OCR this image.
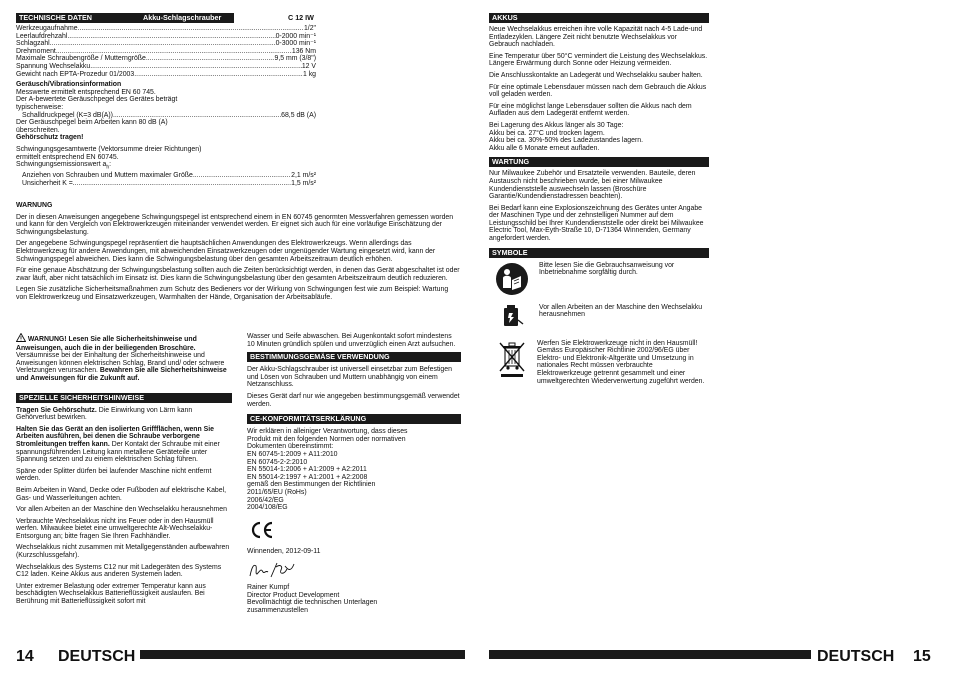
TECHNISCHE DATEN	Akku-Schlagschrauber	C 12 IW
Werkzeugaufnahme .....	1/2"
Leerlaufdrehzahl .....	0-2000 min⁻¹
Schlagzahl .....	0-3000 min⁻¹
Drehmoment .....	136 Nm
Maximale Schraubengröße / Mutterngröße .....	9,5 mm (3/8")
Spannung Wechselakku .....	12 V
Gewicht nach EPTA-Prozedur 01/2003 .....	1 kg
Geräusch/Vibrationsinformation
Messwerte ermittelt entsprechend EN 60 745.
Der A-bewertete Geräuschpegel des Gerätes beträgt
typischerweise:
Schalldruckpegel (K=3 dB(A)) .....	68,5 dB (A)
Der Geräuschpegel beim Arbeiten kann 80 dB (A)
überschreiten.
Gehörschutz tragen!
Schwingungsgesamtwerte (Vektorsumme dreier Richtungen)
ermittelt entsprechend EN 60745.
Schwingungsemissionswert $a_h$:
Anziehen von Schrauben und Muttern maximaler Größe .....	2,1 m/s²
Unsicherheit K = .....	1,5 m/s²
WARNUNG

Der in diesen Anweisungen angegebene Schwingungspegel ist entsprechend einem in EN 60745 genormten Messverfahren gemessen worden und kann für den Vergleich von Elektrowerkzeugen miteinander verwendet werden. Er eignet sich auch für eine vorläufige Einschätzung der Schwingungsbelastung.

Der angegebene Schwingungspegel repräsentiert die hauptsächlichen Anwendungen des Elektrowerkzeugs. Wenn allerdings das Elektrowerkzeug für andere Anwendungen, mit abweichenden Einsatzwerkzeugen oder ungenügender Wartung eingesetzt wird, kann der Schwingungspegel abweichen. Dies kann die Schwingungsbelastung über den gesamten Arbeitszeitraum deutlich erhöhen.

Für eine genaue Abschätzung der Schwingungsbelastung sollten auch die Zeiten berücksichtigt werden, in denen das Gerät abgeschaltet ist oder zwar läuft, aber nicht tatsächlich im Einsatz ist. Dies kann die Schwingungsbelastung über den gesamten Arbeitszeitraum deutlich reduzieren.

Legen Sie zusätzliche Sicherheitsmaßnahmen zum Schutz des Bedieners vor der Wirkung von Schwingungen fest wie zum Beispiel: Wartung von Elektrowerkzeug und Einsatzwerkzeugen, Warmhalten der Hände, Organisation der Arbeitsabläufe.

WARNUNG! Lesen Sie alle Sicherheitshinweise und Anweisungen, auch die in der beiliegenden Broschüre. Versäumnisse bei der Einhaltung der Sicherheitshinweise und Anweisungen können elektrischen Schlag, Brand und/ oder schwere Verletzungen verursachen. Bewahren Sie alle Sicherheitshinweise und Anweisungen für die Zukunft auf.
SPEZIELLE SICHERHEITSHINWEISE

Tragen Sie Gehörschutz. Die Einwirkung von Lärm kann Gehörverlust bewirken.

Halten Sie das Gerät an den isolierten Griffflächen, wenn Sie Arbeiten ausführen, bei denen die Schraube verborgene Stromleitungen treffen kann. Der Kontakt der Schraube mit einer spannungsführenden Leitung kann metallene Geräteteile unter Spannung setzen und zu einem elektrischen Schlag führen.

Späne oder Splitter dürfen bei laufender Maschine nicht entfernt werden.

Beim Arbeiten in Wand, Decke oder Fußboden auf elektrische Kabel, Gas- und Wasserleitungen achten.

Vor allen Arbeiten an der Maschine den Wechselakku herausnehmen

Verbrauchte Wechselakkus nicht ins Feuer oder in den Hausmüll werfen. Milwaukee bietet eine umweltgerechte Alt-Wechselakku-Entsorgung an; bitte fragen Sie Ihren Fachhändler.

Wechselakkus nicht zusammen mit Metallgegenständen aufbewahren (Kurzschlussgefahr).

Wechselakkus des Systems C12 nur mit Ladegeräten des Systems C12 laden. Keine Akkus aus anderen Systemen laden.

Unter extremer Belastung oder extremer Temperatur kann aus beschädigten Wechselakkus Batterieflüssigkeit auslaufen. Bei Berührung mit Batterieflüssigkeit sofort mit

Wasser und Seife abwaschen. Bei Augenkontakt sofort mindestens 10 Minuten gründlich spülen und unverzüglich einen Arzt aufsuchen.

BESTIMMUNGSGEMÄSE VERWENDUNG

Der Akku-Schlagschrauber ist universell einsetzbar zum Befestigen und Lösen von Schrauben und Muttern unabhängig von einem Netzanschluss.

Dieses Gerät darf nur wie angegeben bestimmungsgemäß verwendet werden.

CE-KONFORMITÄTSERKLÄRUNG
Wir erklären in alleiniger Verantwortung, dass dieses
Produkt mit den folgenden Normen oder normativen
Dokumenten übereinstimmt:
EN 60745-1:2009 + A11:2010
EN 60745-2-2:2010
EN 55014-1:2006 + A1:2009 + A2:2011
EN 55014-2:1997 + A1:2001 + A2:2008
gemäß den Bestimmungen der Richtlinien
2011/65/EU (RoHs)
2006/42/EG
2004/108/EG
Winnenden, 2012-09-11
Rainer Kumpf
Director Product Development
Bevollmächtigt die technischen Unterlagen
zusammenzustellen
14 DEUTSCH
AKKUS

Neue Wechselakkus erreichen ihre volle Kapazität nach 4-5 Lade-und Entladezyklen. Längere Zeit nicht benutzte Wechselakkus vor Gebrauch nachladen.

Eine Temperatur über 50°C vermindert die Leistung des Wechselakkus. Längere Erwärmung durch Sonne oder Heizung vermeiden.

Die Anschlusskontakte an Ladegerät und Wechselakku sauber halten.

Für eine optimale Lebensdauer müssen nach dem Gebrauch die Akkus voll geladen werden.

Für eine möglichst lange Lebensdauer sollten die Akkus nach dem Aufladen aus dem Ladegerät entfernt werden.

Bei Lagerung des Akkus länger als 30 Tage:
Akku bei ca. 27°C und trocken lagern.
Akku bei ca. 30%-50% des Ladezustandes lagern.
Akku alle 6 Monate erneut aufladen.
WARTUNG

Nur Milwaukee Zubehör und Ersatzteile verwenden. Bauteile, deren Austausch nicht beschrieben wurde, bei einer Milwaukee Kundendienststelle auswechseln lassen (Broschüre Garantie/Kundendienstadressen beachten).

Bei Bedarf kann eine Explosionszeichnung des Gerätes unter Angabe der Maschinen Type und der zehnstelligen Nummer auf dem Leistungsschild bei Ihrer Kundendienststelle oder direkt bei Milwaukee Electric Tool, Max-Eyth-Straße 10, D-71364 Winnenden, Germany angefordert werden.

SYMBOLE
Bitte lesen Sie die Gebrauchsanweisung vor Inbetriebnahme sorgfältig durch.
Vor allen Arbeiten an der Maschine den Wechselakku herausnehmen
Werfen Sie Elektrowerkzeuge nicht in den Hausmüll! Gemäss Europäischer Richtlinie 2002/96/EG über Elektro- und Elektronik-Altgeräte und Umsetzung in nationales Recht müssen verbrauchte Elektrowerkzeuge getrennt gesammelt und einer umweltgerechten Wiederverwertung zugeführt werden.
DEUTSCH 15
